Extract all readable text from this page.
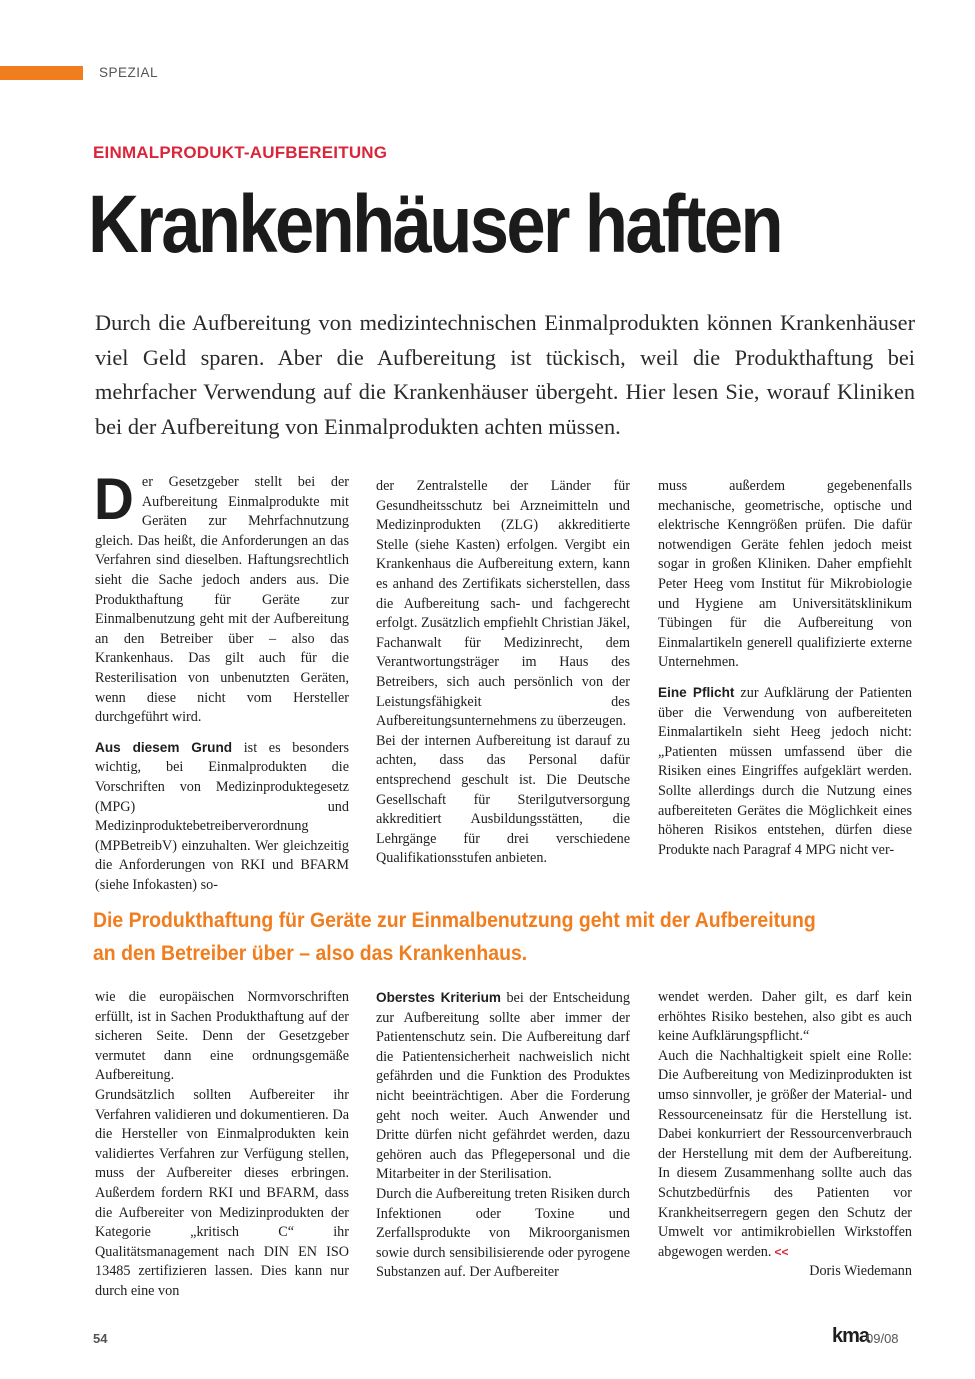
SPEZIAL
EINMALPRODUKT-AUFBEREITUNG
Krankenhäuser haften

Durch die Aufbereitung von medizintechnischen Einmalprodukten können Krankenhäuser viel Geld sparen. Aber die Aufbereitung ist tückisch, weil die Produkthaftung bei mehrfacher Verwendung auf die Krankenhäuser übergeht. Hier lesen Sie, worauf Kliniken bei der Aufbereitung von Einmalprodukten achten müssen.

Der Gesetzgeber stellt bei der Aufbereitung Einmalprodukte mit Geräten zur Mehrfachnutzung gleich. Das heißt, die Anforderungen an das Verfahren sind dieselben. Haftungsrechtlich sieht die Sache jedoch anders aus. Die Produkthaftung für Geräte zur Einmalbenutzung geht mit der Aufbereitung an den Betreiber über – also das Krankenhaus. Das gilt auch für die Resterilisation von unbenutzten Geräten, wenn diese nicht vom Hersteller durchgeführt wird.

Aus diesem Grund ist es besonders wichtig, bei Einmalprodukten die Vorschriften von Medizinproduktegesetz (MPG) und Medizinproduktebetreiberverordnung (MPBetreibV) einzuhalten. Wer gleichzeitig die Anforderungen von RKI und BFARM (siehe Infokasten) so-

der Zentralstelle der Länder für Gesundheitsschutz bei Arzneimitteln und Medizinprodukten (ZLG) akkreditierte Stelle (siehe Kasten) erfolgen. Vergibt ein Krankenhaus die Aufbereitung extern, kann es anhand des Zertifikats sicherstellen, dass die Aufbereitung sach- und fachgerecht erfolgt. Zusätzlich empfiehlt Christian Jäkel, Fachanwalt für Medizinrecht, dem Verantwortungsträger im Haus des Betreibers, sich auch persönlich von der Leistungsfähigkeit des Aufbereitungsunternehmens zu überzeugen.

Bei der internen Aufbereitung ist darauf zu achten, dass das Personal dafür entsprechend geschult ist. Die Deutsche Gesellschaft für Sterilgutversorgung akkreditiert Ausbildungsstätten, die Lehrgänge für drei verschiedene Qualifikationsstufen anbieten.

muss außerdem gegebenenfalls mechanische, geometrische, optische und elektrische Kenngrößen prüfen. Die dafür notwendigen Geräte fehlen jedoch meist sogar in großen Kliniken. Daher empfiehlt Peter Heeg vom Institut für Mikrobiologie und Hygiene am Universitätsklinikum Tübingen für die Aufbereitung von Einmalartikeln generell qualifizierte externe Unternehmen.

Eine Pflicht zur Aufklärung der Patienten über die Verwendung von aufbereiteten Einmalartikeln sieht Heeg jedoch nicht: „Patienten müssen umfassend über die Risiken eines Eingriffes aufgeklärt werden. Sollte allerdings durch die Nutzung eines aufbereiteten Gerätes die Möglichkeit eines höheren Risikos entstehen, dürfen diese Produkte nach Paragraf 4 MPG nicht ver-

Die Produkthaftung für Geräte zur Einmalbenutzung geht mit der Aufbereitung an den Betreiber über – also das Krankenhaus.

wie die europäischen Normvorschriften erfüllt, ist in Sachen Produkthaftung auf der sicheren Seite. Denn der Gesetzgeber vermutet dann eine ordnungsgemäße Aufbereitung.

Grundsätzlich sollten Aufbereiter ihr Verfahren validieren und dokumentieren. Da die Hersteller von Einmalprodukten kein validiertes Verfahren zur Verfügung stellen, muss der Aufbereiter dieses erbringen. Außerdem fordern RKI und BFARM, dass die Aufbereiter von Medizinprodukten der Kategorie „kritisch C“ ihr Qualitätsmanagement nach DIN EN ISO 13485 zertifizieren lassen. Dies kann nur durch eine von

Oberstes Kriterium bei der Entscheidung zur Aufbereitung sollte aber immer der Patientenschutz sein. Die Aufbereitung darf die Patientensicherheit nachweislich nicht gefährden und die Funktion des Produktes nicht beeinträchtigen. Aber die Forderung geht noch weiter. Auch Anwender und Dritte dürfen nicht gefährdet werden, dazu gehören auch das Pflegepersonal und die Mitarbeiter in der Sterilisation.

Durch die Aufbereitung treten Risiken durch Infektionen oder Toxine und Zerfallsprodukte von Mikroorganismen sowie durch sensibilisierende oder pyrogene Substanzen auf. Der Aufbereiter

wendet werden. Daher gilt, es darf kein erhöhtes Risiko bestehen, also gibt es auch keine Aufklärungspflicht.“

Auch die Nachhaltigkeit spielt eine Rolle: Die Aufbereitung von Medizinprodukten ist umso sinnvoller, je größer der Material- und Ressourceneinsatz für die Herstellung ist. Dabei konkurriert der Ressourcenverbrauch der Herstellung mit dem der Aufbereitung. In diesem Zusammenhang sollte auch das Schutzbedürfnis des Patienten vor Krankheitserregern gegen den Schutz der Umwelt vor antimikrobiellen Wirkstoffen abgewogen werden. <<

Doris Wiedemann

54	kma
09/08
